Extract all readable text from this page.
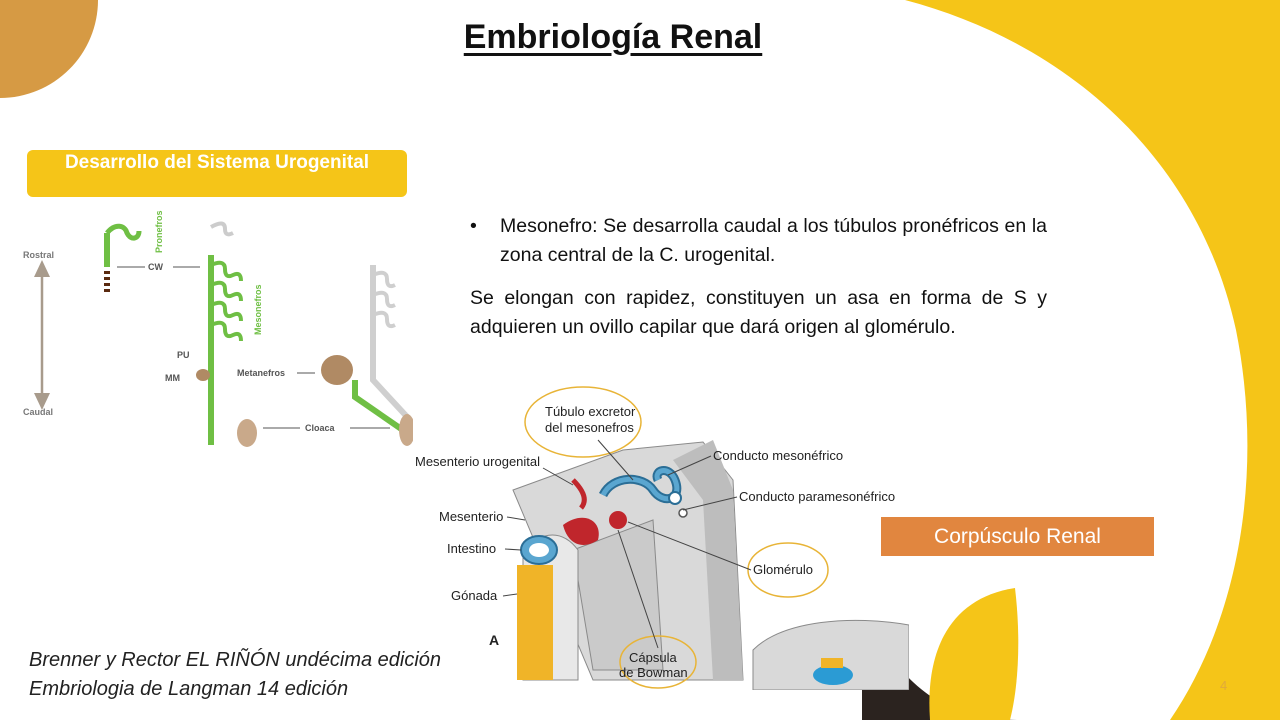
Embriología Renal
Desarrollo del Sistema Urogenital
Rostral
Caudal
Pronefros
CW
Mesonefros
PU
MM	Metanefros
Cloaca
•	Mesonefro: Se desarrolla caudal a los túbulos pronéfricos en la zona central de la C. urogenital.

Se elongan con rapidez, constituyen un asa en forma de S y adquieren un ovillo capilar que dará origen al glomérulo.

Túbulo excretor
del mesonefros
Mesenterio urogenital	Conducto mesonéfrico
Conducto paramesonéfrico
Mesenterio
Intestino
Glomérulo
Gónada
A
Cápsula
de Bowman
Corpúsculo Renal
Brenner y Rector EL RIÑÓN undécima edición
Embriologia de Langman 14 edición	4
